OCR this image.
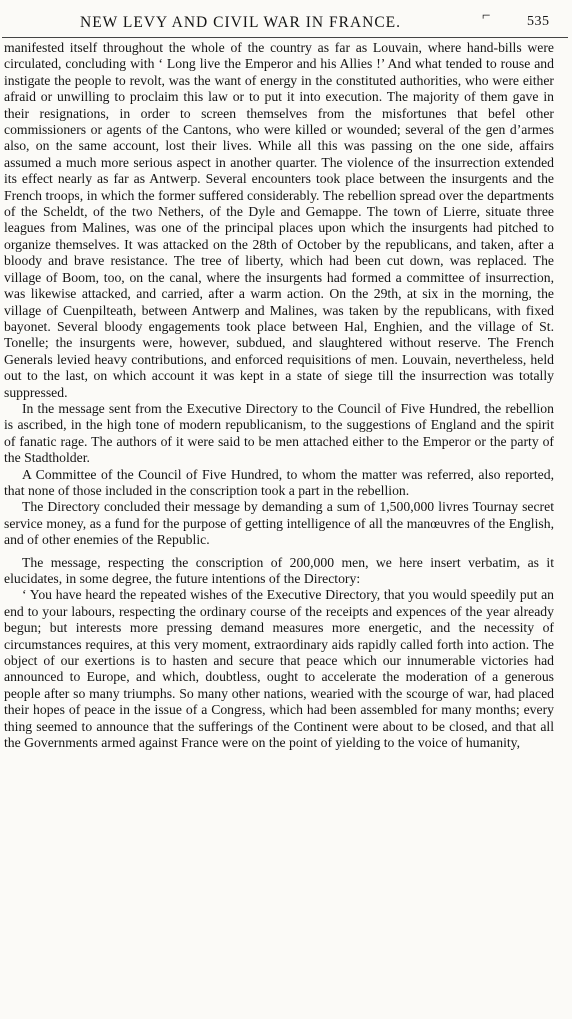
NEW LEVY AND CIVIL WAR IN FRANCE.	⌐	535

manifested itself throughout the whole of the country as far as Louvain, where hand-bills were circulated, concluding with ‘ Long live the Emperor and his Allies !’ And what tended to rouse and instigate the people to revolt, was the want of energy in the constituted authorities, who were either afraid or unwilling to proclaim this law or to put it into execution. The majority of them gave in their resignations, in order to screen themselves from the misfortunes that befel other commissioners or agents of the Cantons, who were killed or wounded; several of the gen d’armes also, on the same account, lost their lives. While all this was passing on the one side, affairs assumed a much more serious aspect in another quarter. The violence of the insurrection extended its effect nearly as far as Antwerp. Several encounters took place between the insurgents and the French troops, in which the former suffered considerably. The rebellion spread over the departments of the Scheldt, of the two Nethers, of the Dyle and Gemappe. The town of Lierre, situate three leagues from Malines, was one of the principal places upon which the insurgents had pitched to organize themselves. It was attacked on the 28th of October by the republicans, and taken, after a bloody and brave resistance. The tree of liberty, which had been cut down, was replaced. The village of Boom, too, on the canal, where the insurgents had formed a committee of insurrection, was likewise attacked, and carried, after a warm action. On the 29th, at six in the morning, the village of Cuenpilteath, between Antwerp and Malines, was taken by the republicans, with fixed bayonet. Several bloody engagements took place between Hal, Enghien, and the village of St. Tonelle; the insurgents were, however, subdued, and slaughtered without reserve. The French Generals levied heavy contributions, and enforced requisitions of men. Louvain, nevertheless, held out to the last, on which account it was kept in a state of siege till the insurrection was totally suppressed.

In the message sent from the Executive Directory to the Council of Five Hundred, the rebellion is ascribed, in the high tone of modern republicanism, to the suggestions of England and the spirit of fanatic rage. The authors of it were said to be men attached either to the Emperor or the party of the Stadtholder.

A Committee of the Council of Five Hundred, to whom the matter was referred, also reported, that none of those included in the conscription took a part in the rebellion.

The Directory concluded their message by demanding a sum of 1,500,000 livres Tournay secret service money, as a fund for the purpose of getting intelligence of all the manœuvres of the English, and of other enemies of the Republic.

The message, respecting the conscription of 200,000 men, we here insert verbatim, as it elucidates, in some degree, the future intentions of the Directory:

‘ You have heard the repeated wishes of the Executive Directory, that you would speedily put an end to your labours, respecting the ordinary course of the receipts and expences of the year already begun; but interests more pressing demand measures more energetic, and the necessity of circumstances requires, at this very moment, extraordinary aids rapidly called forth into action. The object of our exertions is to hasten and secure that peace which our innumerable victories had announced to Europe, and which, doubtless, ought to accelerate the moderation of a generous people after so many triumphs. So many other nations, wearied with the scourge of war, had placed their hopes of peace in the issue of a Congress, which had been assembled for many months; every thing seemed to announce that the sufferings of the Continent were about to be closed, and that all the Governments armed against France were on the point of yielding to the voice of humanity,
